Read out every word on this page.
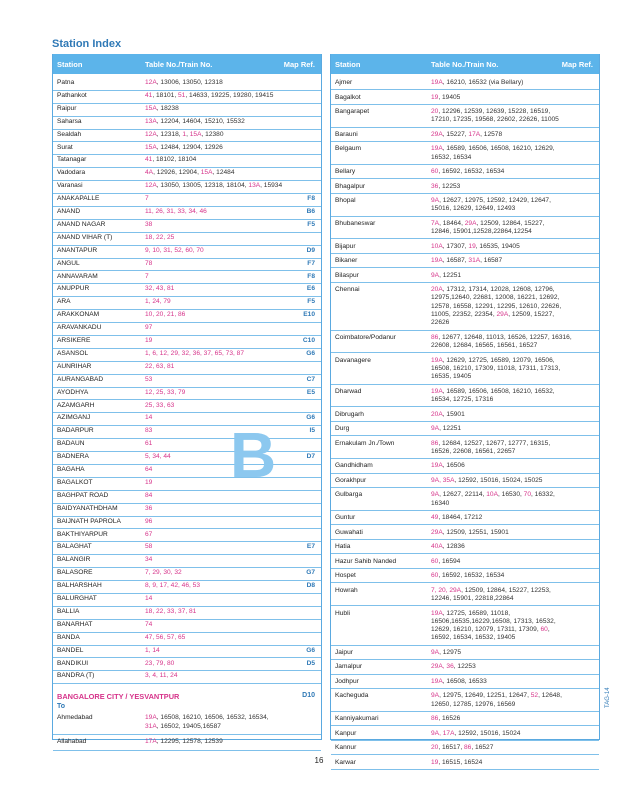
Station Index
Station	Table No./Train No.	Map Ref.
Patna	12A, 13006, 13050, 12318
Pathankot	41, 18101, 51, 14633, 19225, 19280, 19415
Raipur	15A, 18238
Saharsa	13A, 12204, 14604, 15210, 15532
Sealdah	12A, 12318, 1, 15A, 12380
Surat	15A, 12484, 12904, 12926
Tatanagar	41, 18102, 18104
Vadodara	4A, 12926, 12904, 15A, 12484
Varanasi	12A, 13050, 13005, 12318, 18104, 13A, 15934
ANAKAPALLE	7	F8
ANAND	11, 26, 31, 33, 34, 46	B6
ANAND NAGAR	38	F5
ANAND VIHAR (T)	18, 22, 25
ANANTAPUR	9, 10, 31, 52, 60, 70	D9
ANGUL	78	F7
ANNAVARAM	7	F8
ANUPPUR	32, 43, 81	E6
ARA	1, 24, 79	F5
ARAKKONAM	10, 20, 21, 86	E10
ARAVANKADU	97
ARSIKERE	19	C10
ASANSOL	1, 6, 12, 29, 32, 36, 37, 65, 73, 87	G6
AUNRIHAR	22, 63, 81
AURANGABAD	53	C7
AYODHYA	12, 25, 33, 79	E5
AZAMGARH	25, 33, 63
AZIMGANJ	14	G6
BADARPUR	83	I5
BADAUN	61
BADNERA	5, 34, 44	D7
BAGAHA	64
BAGALKOT	19
BAGHPAT ROAD	84
BAIDYANATHDHAM	36
BAIJNATH PAPROLA	96
BAKTHIYARPUR	67
BALAGHAT	58	E7
BALANGIR	34
BALASORE	7, 29, 30, 32	G7
BALHARSHAH	8, 9, 17, 42, 46, 53	D8
BALURGHAT	14
BALLIA	18, 22, 33, 37, 81
BANARHAT	74
BANDA	47, 56, 57, 65
BANDEL	1, 14	G6
BANDIKUI	23, 79, 80	D5
BANDRA (T)	3, 4, 11, 24
BANGALORE CITY / YESVANTPUR	D10
To
Ahmedabad	19A, 16508, 16210, 16506, 16532, 16534,
31A, 16502, 19405,16587
Allahabad	17A, 12295, 12578, 12539
Station	Table No./Train No.	Map Ref.
Ajmer	19A, 16210, 16532 (via Bellary)
Bagalkot	19, 19405
Bangarapet	20, 12296, 12539, 12639, 15228, 16519,
17210, 17235, 19568, 22602, 22626, 11005
Barauni	29A, 15227, 17A, 12578
Belgaum	19A, 16589, 16506, 16508, 16210, 12629,
16532, 16534
Bellary	60, 16592, 16532, 16534
Bhagalpur	36, 12253
Bhopal	9A, 12627, 12975, 12592, 12429, 12647,
15016, 12629, 12649, 12493
Bhubaneswar	7A, 18464, 29A, 12509, 12864, 15227,
12846, 15901,12528,22864,12254
Bijapur	10A, 17307, 19, 16535, 19405
Bikaner	19A, 16587, 31A, 16587
Bilaspur	9A, 12251
Chennai	20A, 17312, 17314, 12028, 12608, 12796,
12975,12640, 22681, 12008, 16221, 12692,
12578, 16558, 12291, 12295, 12610, 22626,
11005, 22352, 22354, 29A, 12509, 15227,
22626
Coimbatore/Podanur	86, 12677, 12648, 11013, 16526, 12257, 16316,
22608, 12684, 16565, 16561, 16527
Davanagere	19A, 12629, 12725, 16589, 12079, 16506,
16508, 16210, 17309, 11018, 17311, 17313,
16535, 19405
Dharwad	19A, 16589, 16506, 16508, 16210, 16532,
16534, 12725, 17316
Dibrugarh	20A, 15901
Durg	9A, 12251
Ernakulam Jn./Town	86, 12684, 12527, 12677, 12777, 16315,
16526, 22608, 16561, 22657
Gandhidham	19A, 16506
Gorakhpur	9A, 35A, 12592, 15016, 15024, 15025
Gulbarga	9A, 12627, 22114, 10A, 16530, 70, 16332,
16340
Guntur	49, 18464, 17212
Guwahati	29A, 12509, 12551, 15901
Hatia	40A, 12836
Hazur Sahib Nanded	60, 16594
Hospet	60, 16592, 16532, 16534
Howrah	7, 20, 29A, 12509, 12864, 15227, 12253,
12246, 15901, 22818,22864
Hubli	19A, 12725, 16589, 11018,
16506,16535,16229,16508, 17313, 16532,
12629, 16210, 12079, 17311, 17309, 60,
16592, 16534, 16532, 19405
Jaipur	9A, 12975
Jamalpur	29A, 36, 12253
Jodhpur	19A, 16508, 16533
Kacheguda	9A, 12975, 12649, 12251, 12647, 52, 12648,
12650, 12785, 12976, 16569
Kanniyakumari	86, 16526
Kanpur	9A, 17A, 12592, 15016, 15024
Kannur	20, 16517, 86, 16527
Karwar	19, 16515, 16524
B
16
TAG-14
